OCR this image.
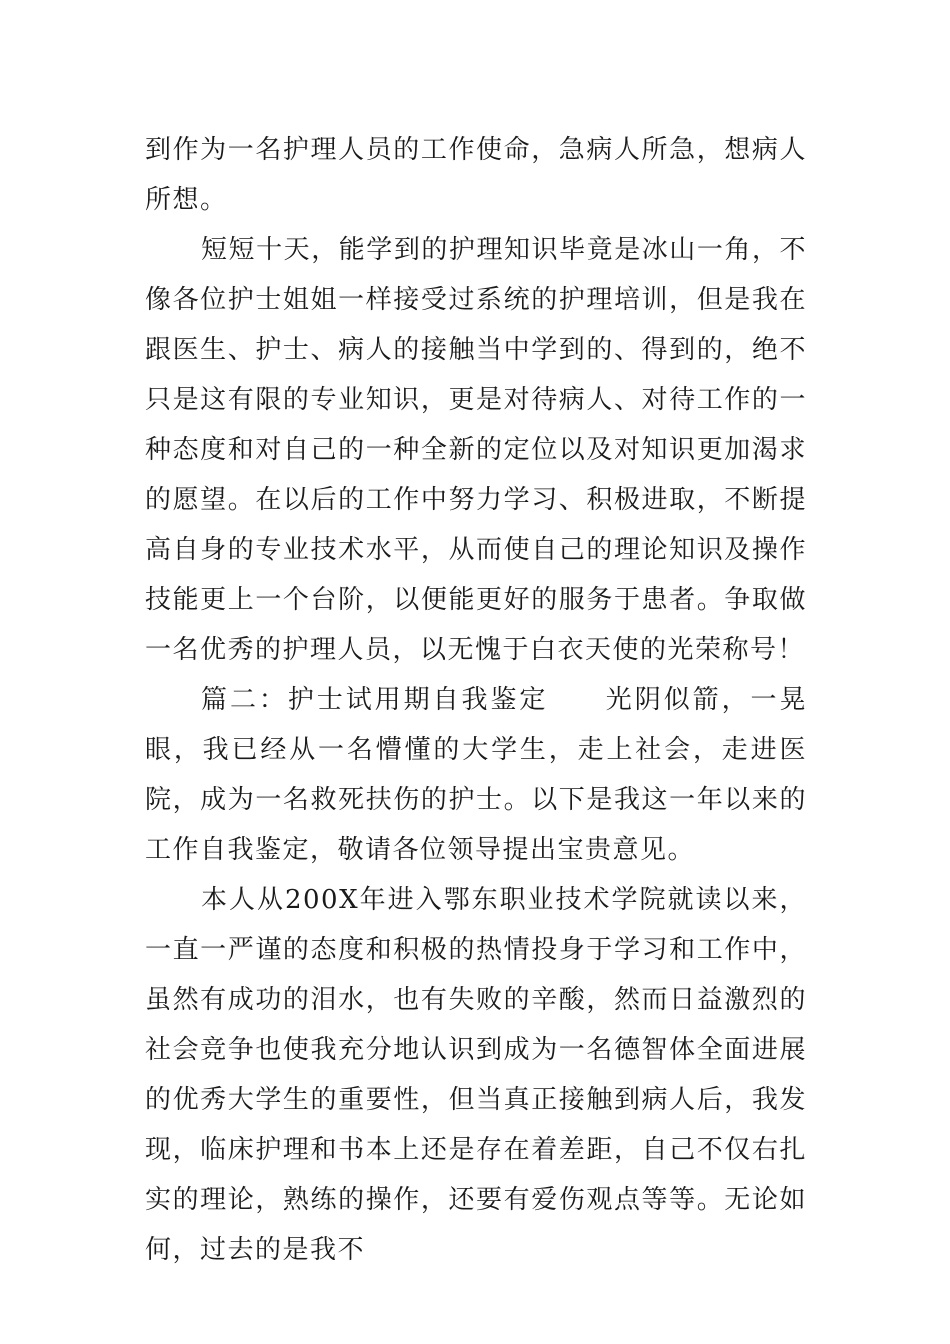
到作为一名护理人员的工作使命，急病人所急，想病人所想。

短短十天，能学到的护理知识毕竟是冰山一角，不像各位护士姐姐一样接受过系统的护理培训，但是我在跟医生、护士、病人的接触当中学到的、得到的，绝不只是这有限的专业知识，更是对待病人、对待工作的一种态度和对自己的一种全新的定位以及对知识更加渴求的愿望。在以后的工作中努力学习、积极进取，不断提高自身的专业技术水平，从而使自己的理论知识及操作技能更上一个台阶，以便能更好的服务于患者。争取做一名优秀的护理人员，以无愧于白衣天使的光荣称号！

篇二：护士试用期自我鉴定 光阴似箭，一晃眼，我已经从一名懵懂的大学生，走上社会，走进医院，成为一名救死扶伤的护士。以下是我这一年以来的工作自我鉴定，敬请各位领导提出宝贵意见。

本人从200X年进入鄂东职业技术学院就读以来，一直一严谨的态度和积极的热情投身于学习和工作中，虽然有成功的泪水，也有失败的辛酸，然而日益激烈的社会竞争也使我充分地认识到成为一名德智体全面进展的优秀大学生的重要性，但当真正接触到病人后，我发现，临床护理和书本上还是存在着差距，自己不仅右扎实的理论，熟练的操作，还要有爱伤观点等等。无论如何，过去的是我不
